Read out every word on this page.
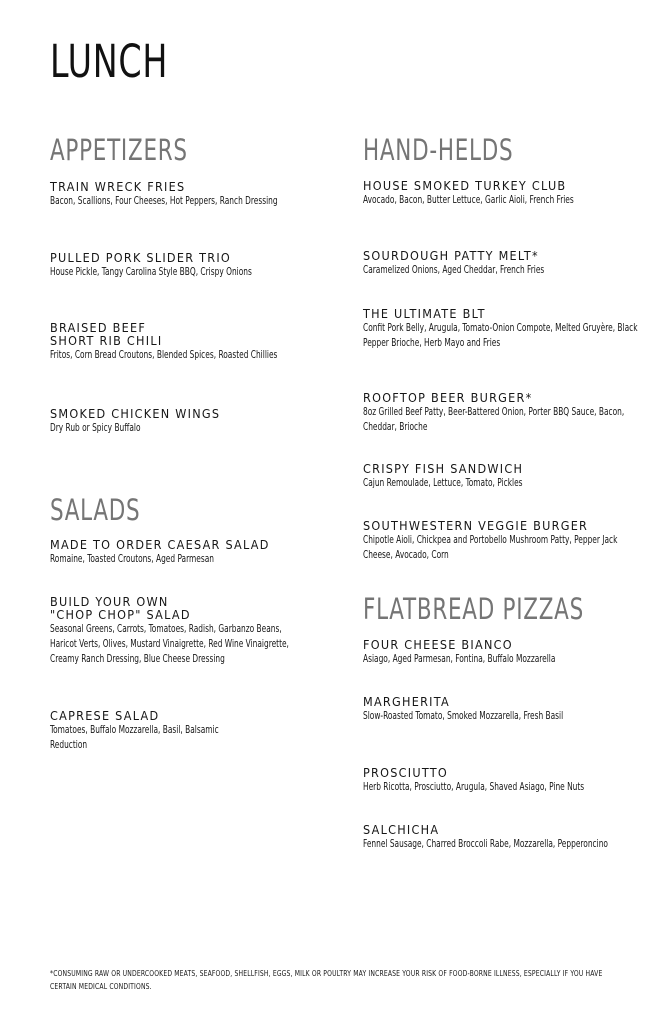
LUNCH
APPETIZERS
TRAIN WRECK FRIES
Bacon, Scallions, Four Cheeses, Hot Peppers, Ranch Dressing
PULLED PORK SLIDER TRIO
House Pickle, Tangy Carolina Style BBQ, Crispy Onions
BRAISED BEEF
SHORT RIB CHILI
Fritos, Corn Bread Croutons, Blended Spices, Roasted Chillies
SMOKED CHICKEN WINGS
Dry Rub or Spicy Buffalo
SALADS
MADE TO ORDER CAESAR SALAD
Romaine, Toasted Croutons, Aged Parmesan
BUILD YOUR OWN
"CHOP CHOP" SALAD
Seasonal Greens, Carrots, Tomatoes, Radish, Garbanzo Beans, Haricot Verts, Olives, Mustard Vinaigrette, Red Wine Vinaigrette, Creamy Ranch Dressing, Blue Cheese Dressing
CAPRESE SALAD
Tomatoes, Buffalo Mozzarella, Basil, Balsamic Reduction
HAND-HELDS
HOUSE SMOKED TURKEY CLUB
Avocado, Bacon, Butter Lettuce, Garlic Aioli, French Fries
SOURDOUGH PATTY MELT*
Caramelized Onions, Aged Cheddar, French Fries
THE ULTIMATE BLT
Confit Pork Belly, Arugula, Tomato-Onion Compote, Melted Gruyère, Black Pepper Brioche, Herb Mayo and Fries
ROOFTOP BEER BURGER*
8oz Grilled Beef Patty, Beer-Battered Onion, Porter BBQ Sauce, Bacon, Cheddar, Brioche
CRISPY FISH SANDWICH
Cajun Remoulade, Lettuce, Tomato, Pickles
SOUTHWESTERN VEGGIE BURGER
Chipotle Aioli, Chickpea and Portobello Mushroom Patty, Pepper Jack Cheese, Avocado, Corn
FLATBREAD PIZZAS
FOUR CHEESE BIANCO
Asiago, Aged Parmesan, Fontina, Buffalo Mozzarella
MARGHERITA
Slow-Roasted Tomato, Smoked Mozzarella, Fresh Basil
PROSCIUTTO
Herb Ricotta, Prosciutto, Arugula, Shaved Asiago, Pine Nuts
SALCHICHA
Fennel Sausage, Charred Broccoli Rabe, Mozzarella, Pepperoncino
*CONSUMING RAW OR UNDERCOOKED MEATS, SEAFOOD, SHELLFISH, EGGS, MILK OR POULTRY MAY INCREASE YOUR RISK OF FOOD-BORNE ILLNESS, ESPECIALLY IF YOU HAVE CERTAIN MEDICAL CONDITIONS.
